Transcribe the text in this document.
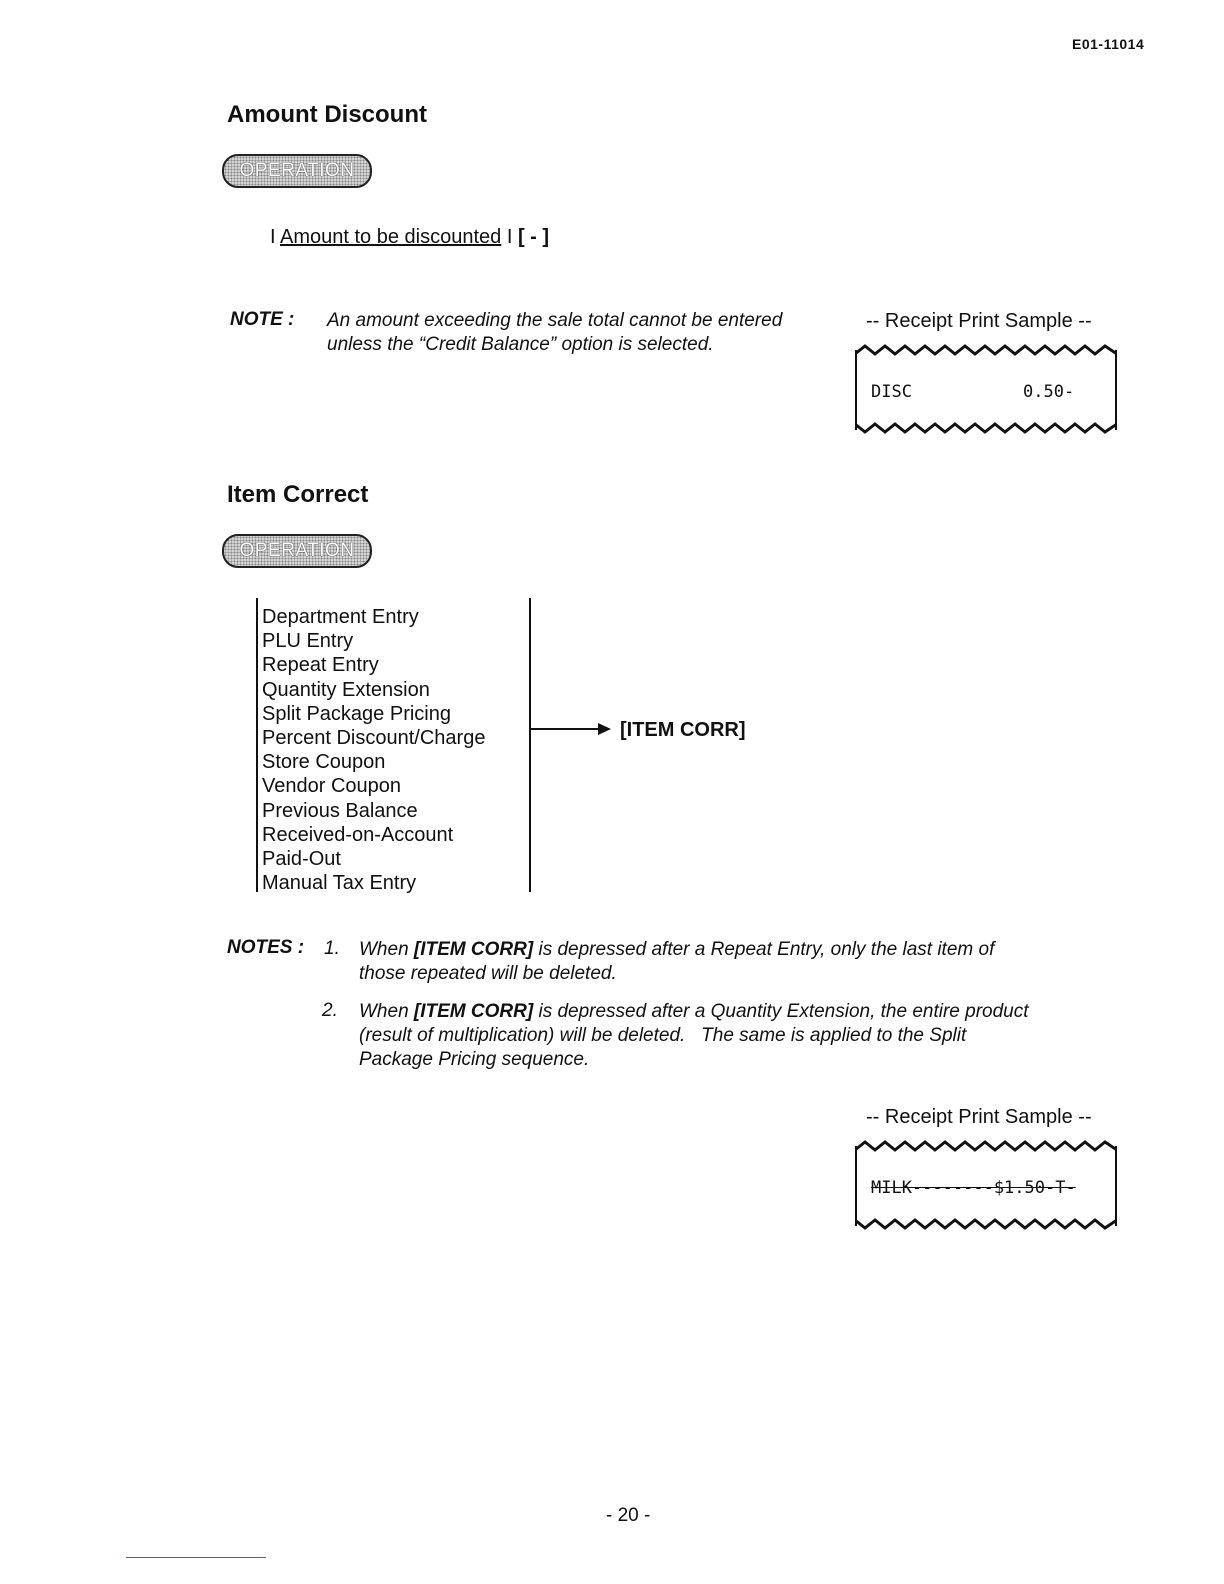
E01-11014
Amount Discount
OPERATION
I Amount to be discounted I [ - ]
NOTE : An amount exceeding the sale total cannot be entered
unless the “Credit Balance” option is selected.
-- Receipt Print Sample --
DISC	0.50-
Item Correct
OPERATION
Department Entry
PLU Entry
Repeat Entry
Quantity Extension
Split Package Pricing
Percent Discount/Charge
Store Coupon
Vendor Coupon
Previous Balance
Received-on-Account
Paid-Out
Manual Tax Entry
[ITEM CORR]
NOTES : 1. When [ITEM CORR] is depressed after a Repeat Entry, only the last item of
those repeated will be deleted.
2. When [ITEM CORR] is depressed after a Quantity Extension, the entire product
(result of multiplication) will be deleted.   The same is applied to the Split
Package Pricing sequence.
-- Receipt Print Sample --
MILK--------$1.50-T-
- 20 -
